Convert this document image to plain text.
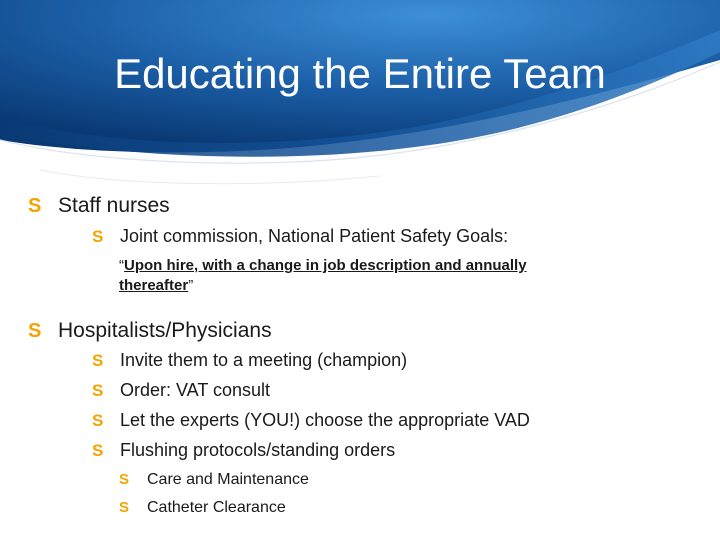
Educating the Entire Team
S Staff nurses
S Joint commission, National Patient Safety Goals:
“Upon hire, with a change in job description and annually
thereafter”
S Hospitalists/Physicians
S Invite them to a meeting (champion)
S Order: VAT consult
S Let the experts (YOU!) choose the appropriate VAD
S Flushing protocols/standing orders
S	Care and Maintenance
S	Catheter Clearance
